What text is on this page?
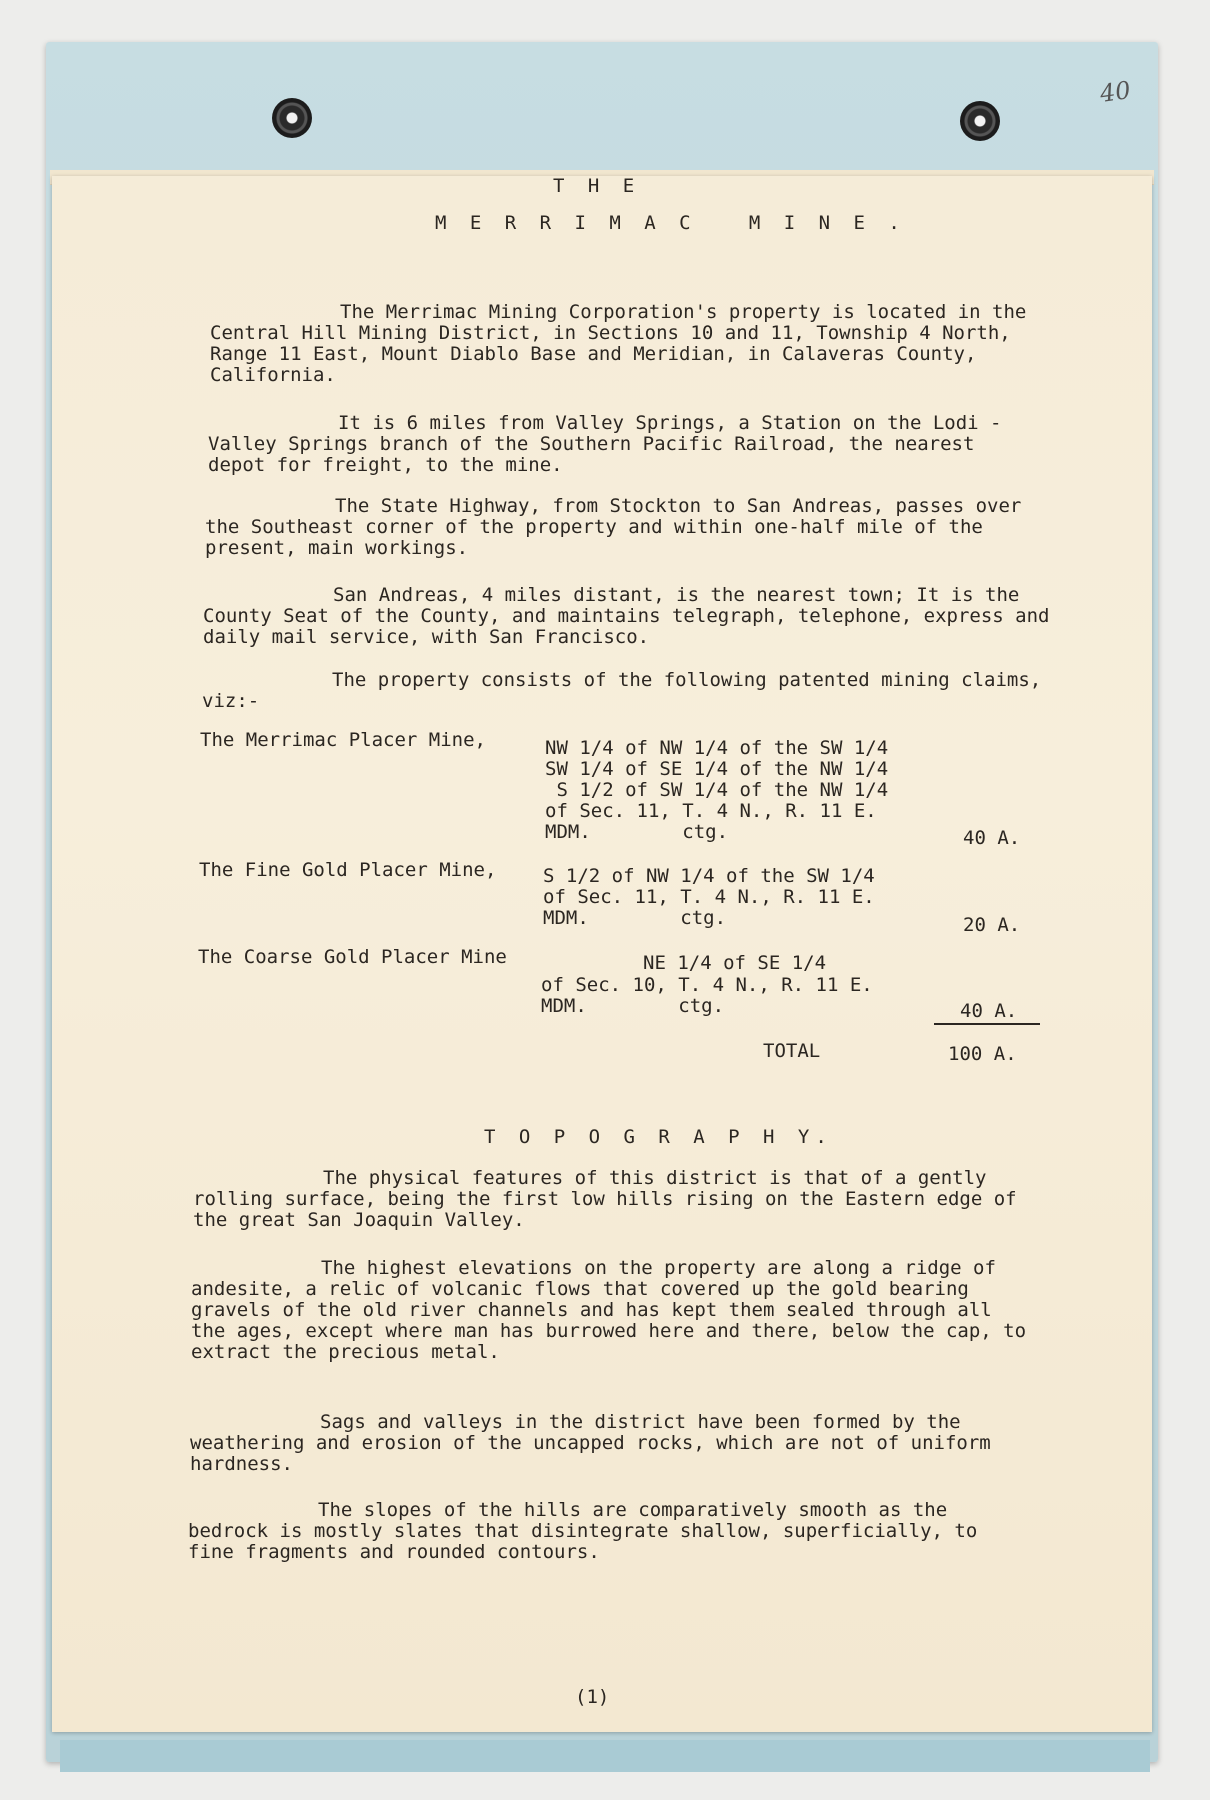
40

T H E

M E R R I M A C   M I N E .

The Merrimac Mining Corporation's property is located in the Central Hill Mining District, in Sections 10 and 11, Township 4 North, Range 11 East, Mount Diablo Base and Meridian, in Calaveras County, California.

It is 6 miles from Valley Springs, a Station on the Lodi - Valley Springs branch of the Southern Pacific Railroad, the nearest depot for freight, to the mine.

The State Highway, from Stockton to San Andreas, passes over the Southeast corner of the property and within one-half mile of the present, main workings.

San Andreas, 4 miles distant, is the nearest town; It is the County Seat of the County, and maintains telegraph, telephone, express and daily mail service, with San Francisco.

The property consists of the following patented mining claims, viz:-

The Merrimac Placer Mine,	NW 1/4 of NW 1/4 of the SW 1/4

SW 1/4 of SE 1/4 of the NW 1/4

S 1/2 of SW 1/4 of the NW 1/4

of Sec. 11, T. 4 N., R. 11 E.

MDM.        ctg.	40 A.

The Fine Gold Placer Mine, S 1/2 of NW 1/4 of the SW 1/4

of Sec. 11, T. 4 N., R. 11 E.

MDM.        ctg.	20 A.

The Coarse Gold Placer Mine	NE 1/4 of SE 1/4

of Sec. 10, T. 4 N., R. 11 E.

MDM.        ctg.	40 A.

TOTAL	100 A.

T O P O G R A P H Y.

The physical features of this district is that of a gently rolling surface, being the first low hills rising on the Eastern edge of the great San Joaquin Valley.

The highest elevations on the property are along a ridge of andesite, a relic of volcanic flows that covered up the gold bearing gravels of the old river channels and has kept them sealed through all the ages, except where man has burrowed here and there, below the cap, to extract the precious metal.

Sags and valleys in the district have been formed by the weathering and erosion of the uncapped rocks, which are not of uniform hardness.

The slopes of the hills are comparatively smooth as the bedrock is mostly slates that disintegrate shallow, superficially, to fine fragments and rounded contours.

(1)
